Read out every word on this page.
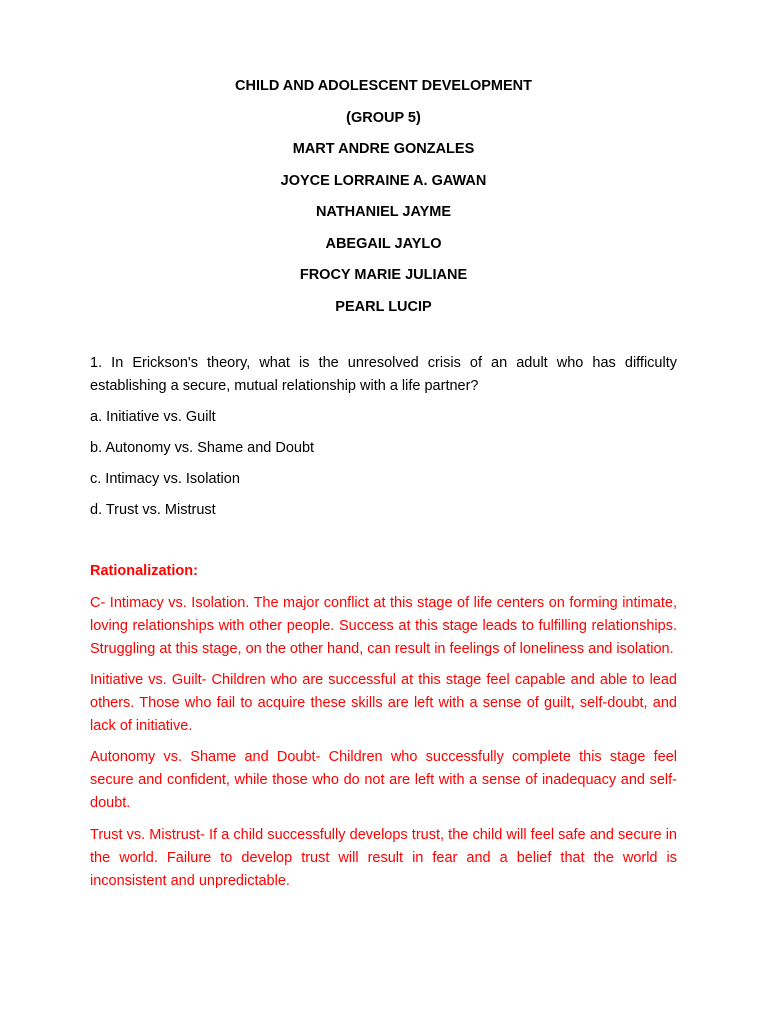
CHILD AND ADOLESCENT DEVELOPMENT

(GROUP 5)

MART ANDRE GONZALES

JOYCE LORRAINE A. GAWAN

NATHANIEL JAYME

ABEGAIL JAYLO

FROCY MARIE JULIANE

PEARL LUCIP

1. In Erickson's theory, what is the unresolved crisis of an adult who has difficulty establishing a secure, mutual relationship with a life partner?

a. Initiative vs. Guilt

b. Autonomy vs. Shame and Doubt

c. Intimacy vs. Isolation

d. Trust vs. Mistrust

Rationalization:

C- Intimacy vs. Isolation. The major conflict at this stage of life centers on forming intimate, loving relationships with other people. Success at this stage leads to fulfilling relationships. Struggling at this stage, on the other hand, can result in feelings of loneliness and isolation.

Initiative vs. Guilt- Children who are successful at this stage feel capable and able to lead others. Those who fail to acquire these skills are left with a sense of guilt, self-doubt, and lack of initiative.

Autonomy vs. Shame and Doubt- Children who successfully complete this stage feel secure and confident, while those who do not are left with a sense of inadequacy and self-doubt.

Trust vs. Mistrust- If a child successfully develops trust, the child will feel safe and secure in the world. Failure to develop trust will result in fear and a belief that the world is inconsistent and unpredictable.
